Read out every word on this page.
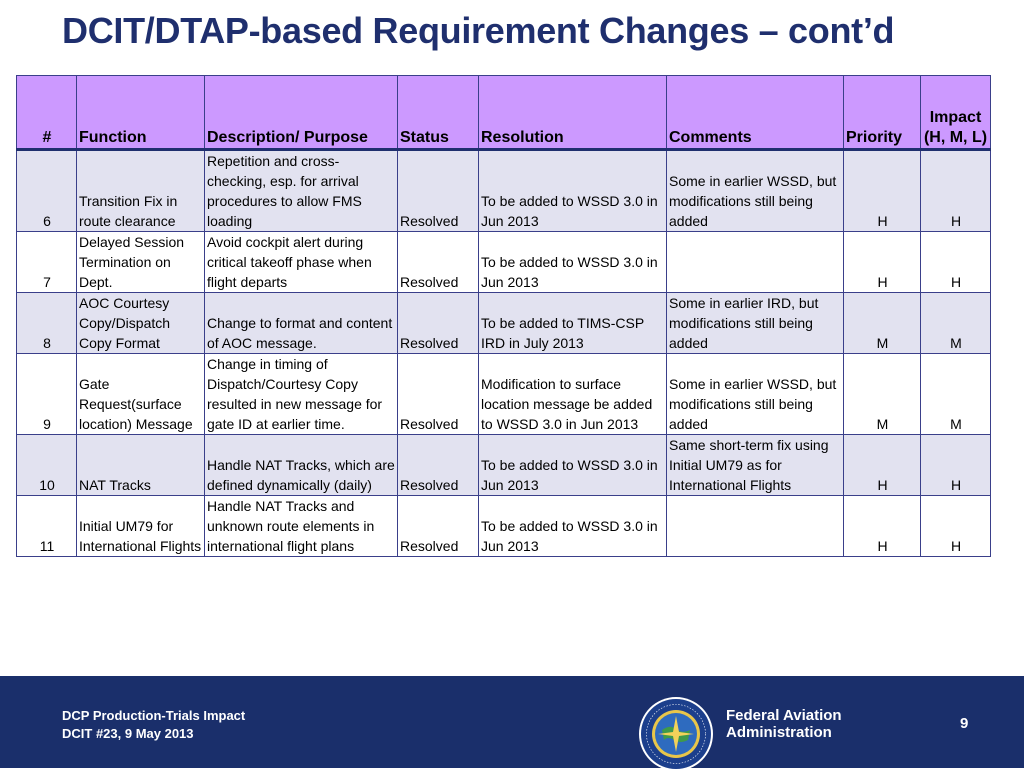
DCIT/DTAP-based Requirement Changes – cont’d
#	Function	Description/ Purpose	Status	Resolution	Comments	Priority	Impact (H, M, L)
6	Transition Fix in route clearance	Repetition and cross-checking, esp. for arrival procedures to allow FMS loading	Resolved	To be added to WSSD 3.0 in Jun 2013	Some in earlier WSSD, but modifications still being added	H	H
7	Delayed Session Termination on Dept.	Avoid cockpit alert during critical takeoff phase when flight departs	Resolved	To be added to WSSD 3.0 in Jun 2013		H	H
8	AOC Courtesy Copy/Dispatch Copy Format	Change to format and content of AOC message.	Resolved	To be added to TIMS-CSP IRD in July 2013	Some in earlier IRD, but modifications still being added	M	M
9	Gate Request(surface location) Message	Change in timing of Dispatch/Courtesy Copy resulted in new message for gate ID at earlier time.	Resolved	Modification to surface location message be added to WSSD 3.0 in Jun 2013	Some in earlier WSSD, but modifications still being added	M	M
10	NAT Tracks	Handle NAT Tracks, which are defined dynamically (daily)	Resolved	To be added to WSSD 3.0 in Jun 2013	Same short-term fix using Initial UM79 as for International Flights	H	H
11	Initial UM79 for International Flights	Handle NAT Tracks and unknown route elements in international flight plans	Resolved	To be added to WSSD 3.0 in Jun 2013		H	H
DCP Production-Trials Impact
DCIT #23, 9 May 2013
Federal Aviation
Administration
9
